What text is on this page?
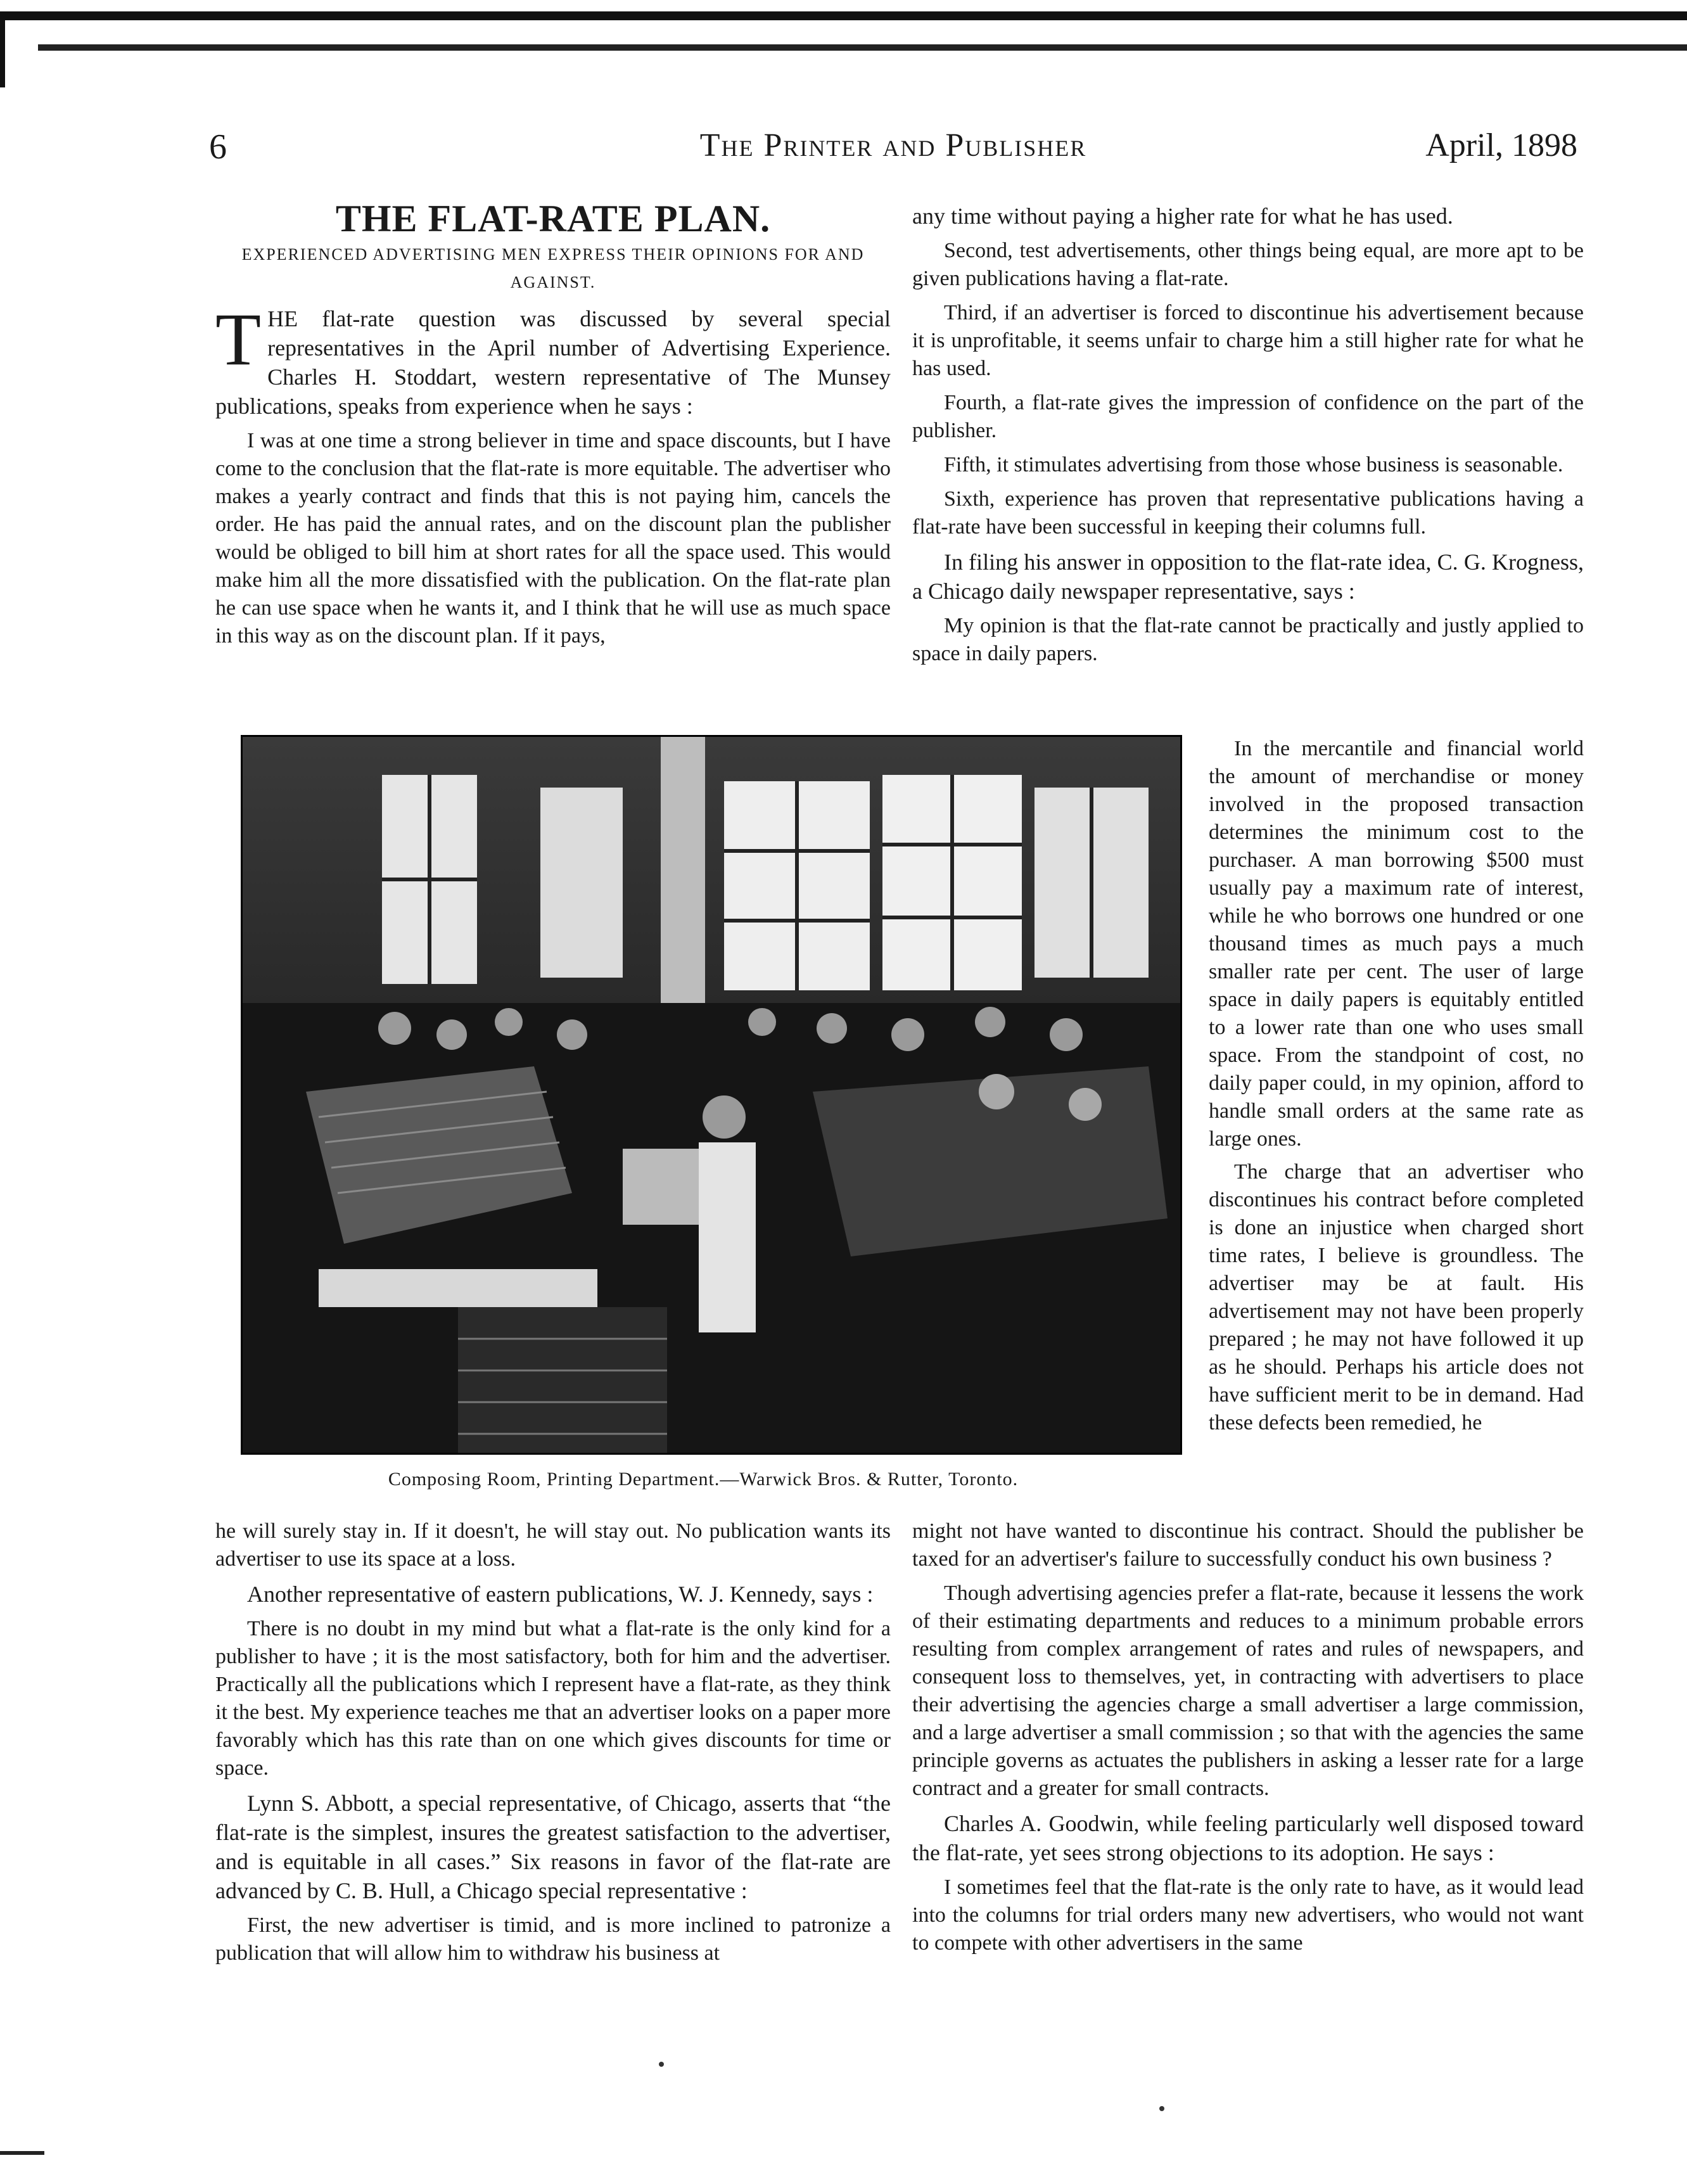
6	The Printer and Publisher	April, 1898
THE FLAT-RATE PLAN.
EXPERIENCED ADVERTISING MEN EXPRESS THEIR OPINIONS FOR AND AGAINST.

THE flat-rate question was discussed by several special representatives in the April number of Advertising Experience. Charles H. Stoddart, western representative of The Munsey publications, speaks from experience when he says :

I was at one time a strong believer in time and space discounts, but I have come to the conclusion that the flat-rate is more equitable. The advertiser who makes a yearly contract and finds that this is not paying him, cancels the order. He has paid the annual rates, and on the discount plan the publisher would be obliged to bill him at short rates for all the space used. This would make him all the more dissatisfied with the publication. On the flat-rate plan he can use space when he wants it, and I think that he will use as much space in this way as on the discount plan. If it pays,

any time without paying a higher rate for what he has used.

Second, test advertisements, other things being equal, are more apt to be given publications having a flat-rate.

Third, if an advertiser is forced to discontinue his advertisement because it is unprofitable, it seems unfair to charge him a still higher rate for what he has used.

Fourth, a flat-rate gives the impression of confidence on the part of the publisher.

Fifth, it stimulates advertising from those whose business is seasonable.

Sixth, experience has proven that representative publications having a flat-rate have been successful in keeping their columns full.

In filing his answer in opposition to the flat-rate idea, C. G. Krogness, a Chicago daily newspaper representative, says :

My opinion is that the flat-rate cannot be practically and justly applied to space in daily papers.

Composing Room, Printing Department.—Warwick Bros. & Rutter, Toronto.

In the mercantile and financial world the amount of merchandise or money involved in the proposed transaction determines the minimum cost to the purchaser. A man borrowing $500 must usually pay a maximum rate of interest, while he who borrows one hundred or one thousand times as much pays a much smaller rate per cent. The user of large space in daily papers is equitably entitled to a lower rate than one who uses small space. From the standpoint of cost, no daily paper could, in my opinion, afford to handle small orders at the same rate as large ones.

The charge that an advertiser who discontinues his contract before completed is done an injustice when charged short time rates, I believe is groundless. The advertiser may be at fault. His advertisement may not have been properly prepared ; he may not have followed it up as he should. Perhaps his article does not have sufficient merit to be in demand. Had these defects been remedied, he

he will surely stay in. If it doesn't, he will stay out. No publication wants its advertiser to use its space at a loss.

Another representative of eastern publications, W. J. Kennedy, says :

There is no doubt in my mind but what a flat-rate is the only kind for a publisher to have ; it is the most satisfactory, both for him and the advertiser. Practically all the publications which I represent have a flat-rate, as they think it the best. My experience teaches me that an advertiser looks on a paper more favorably which has this rate than on one which gives discounts for time or space.

Lynn S. Abbott, a special representative, of Chicago, asserts that “the flat-rate is the simplest, insures the greatest satisfaction to the advertiser, and is equitable in all cases.” Six reasons in favor of the flat-rate are advanced by C. B. Hull, a Chicago special representative :

First, the new advertiser is timid, and is more inclined to patronize a publication that will allow him to withdraw his business at

might not have wanted to discontinue his contract. Should the publisher be taxed for an advertiser's failure to successfully conduct his own business ?

Though advertising agencies prefer a flat-rate, because it lessens the work of their estimating departments and reduces to a minimum probable errors resulting from complex arrangement of rates and rules of newspapers, and consequent loss to themselves, yet, in contracting with advertisers to place their advertising the agencies charge a small advertiser a large commission, and a large advertiser a small commission ; so that with the agencies the same principle governs as actuates the publishers in asking a lesser rate for a large contract and a greater for small contracts.

Charles A. Goodwin, while feeling particularly well disposed toward the flat-rate, yet sees strong objections to its adoption. He says :

I sometimes feel that the flat-rate is the only rate to have, as it would lead into the columns for trial orders many new advertisers, who would not want to compete with other advertisers in the same
